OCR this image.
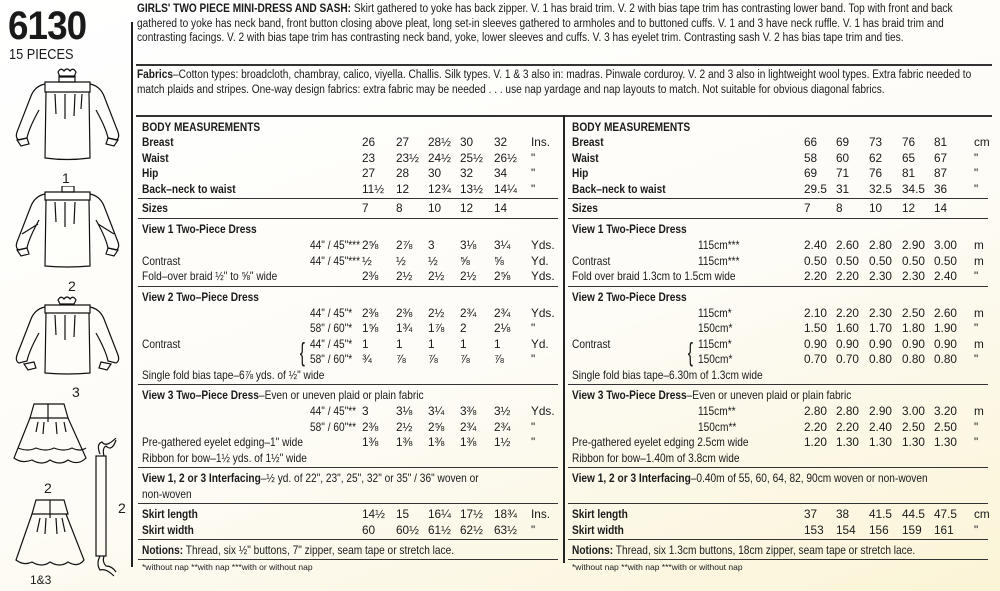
6130
15 PIECES
1
2
3
2
1&3
2
GIRLS' TWO PIECE MINI-DRESS AND SASH: Skirt gathered to yoke has back zipper. V. 1 has braid trim. V. 2 with bias tape trim has contrasting lower band. Top with front and back gathered to yoke has neck band, front button closing above pleat, long set-in sleeves gathered to armholes and to buttoned cuffs. V. 1 and 3 have neck ruffle. V. 1 has braid trim and contrasting facings. V. 2 with bias tape trim has contrasting neck band, yoke, lower sleeves and cuffs. V. 3 has eyelet trim. Contrasting sash V. 2 has bias tape trim and ties.
Fabrics–Cotton types: broadcloth, chambray, calico, viyella. Challis. Silk types. V. 1 & 3 also in: madras. Pinwale corduroy. V. 2 and 3 also in lightweight wool types. Extra fabric needed to match plaids and stripes. One-way design fabrics: extra fabric may be needed . . . use nap yardage and nap layouts to match. Not suitable for obvious diagonal fabrics.
BODY MEASUREMENTS
Breast	26 27 28½ 30 32 Ins.
Waist	23 23½ 24½ 25½ 26½ "
Hip	27 28 30 32 34 "
Back–neck to waist	11½ 12 12¾ 13½ 14¼ "
Sizes	7 8 10 12 14
View 1 Two-Piece Dress
44" / 45"*** 2⅝ 2⅞ 3 3⅛ 3¼ Yds.
Contrast	44" / 45"*** ½ ½ ½ ⅝ ⅝ Yd.
Fold–over braid ½" to ⅝" wide	2⅜ 2½ 2½ 2½ 2⅝ Yds.
View 2 Two–Piece Dress
44" / 45"* 2⅜ 2⅜ 2½ 2¾ 2¾ Yds.
58" / 60"* 1⅝ 1¾ 1⅞ 2 2⅛ "
Contrast	44" / 45"* 1 1 1 1 1	Yd.
58" / 60"* ¾ ⅞ ⅞ ⅞ ⅞ "
{
Single fold bias tape–6⅞ yds. of ½" wide
View 3 Two–Piece Dress–Even or uneven plaid or plain fabric
44" / 45"** 3 3⅛ 3¼ 3⅜ 3½ Yds.
58" / 60"** 2⅜ 2½ 2⅝ 2¾ 2¾ "
Pre-gathered eyelet edging–1" wide	1⅜ 1⅜ 1⅜ 1⅜ 1½ "
Ribbon for bow–1½ yds. of 1½" wide
View 1, 2 or 3 Interfacing–½ yd. of 22", 23", 25", 32" or 35" / 36" woven or
non-woven
Skirt length	14½ 15 16¼ 17½ 18¾ Ins.
Skirt width	60 60½ 61½ 62½ 63½ "
Notions: Thread, six ½" buttons, 7" zipper, seam tape or stretch lace.
*without nap **with nap ***with or without nap
BODY MEASUREMENTS
Breast	66 69 73 76 81 cm
Waist	58 60 62 65 67 "
Hip	69 71 76 81 87 "
Back–neck to waist	29.5 31 32.5 34.5 36 "
Sizes	7 8 10 12 14
View 1 Two-Piece Dress
115cm***	2.40 2.60 2.80 2.90 3.00 m
Contrast	115cm***	0.50 0.50 0.50 0.50 0.50 m
Fold over braid 1.3cm to 1.5cm wide	2.20 2.20 2.30 2.30 2.40 "
View 2 Two-Piece Dress
115cm*	2.10 2.20 2.30 2.50 2.60 m
150cm*	1.50 1.60 1.70 1.80 1.90 "
Contrast	115cm*	0.90 0.90 0.90 0.90 0.90 m
150cm*	0.70 0.70 0.80 0.80 0.80 "
{
Single fold bias tape–6.30m of 1.3cm wide
View 3 Two-Piece Dress–Even or uneven plaid or plain fabric
115cm**	2.80 2.80 2.90 3.00 3.20 m
150cm**	2.20 2.20 2.40 2.50 2.50 "
Pre-gathered eyelet edging 2.5cm wide	1.20 1.30 1.30 1.30 1.30 "
Ribbon for bow–1.40m of 3.8cm wide
View 1, 2 or 3 Interfacing–0.40m of 55, 60, 64, 82, 90cm woven or non-woven
Skirt length	37 38 41.5 44.5 47.5 cm
Skirt width	153 154 156 159 161 "
Notions: Thread, six 1.3cm buttons, 18cm zipper, seam tape or stretch lace.
*without nap **with nap ***with or without nap
